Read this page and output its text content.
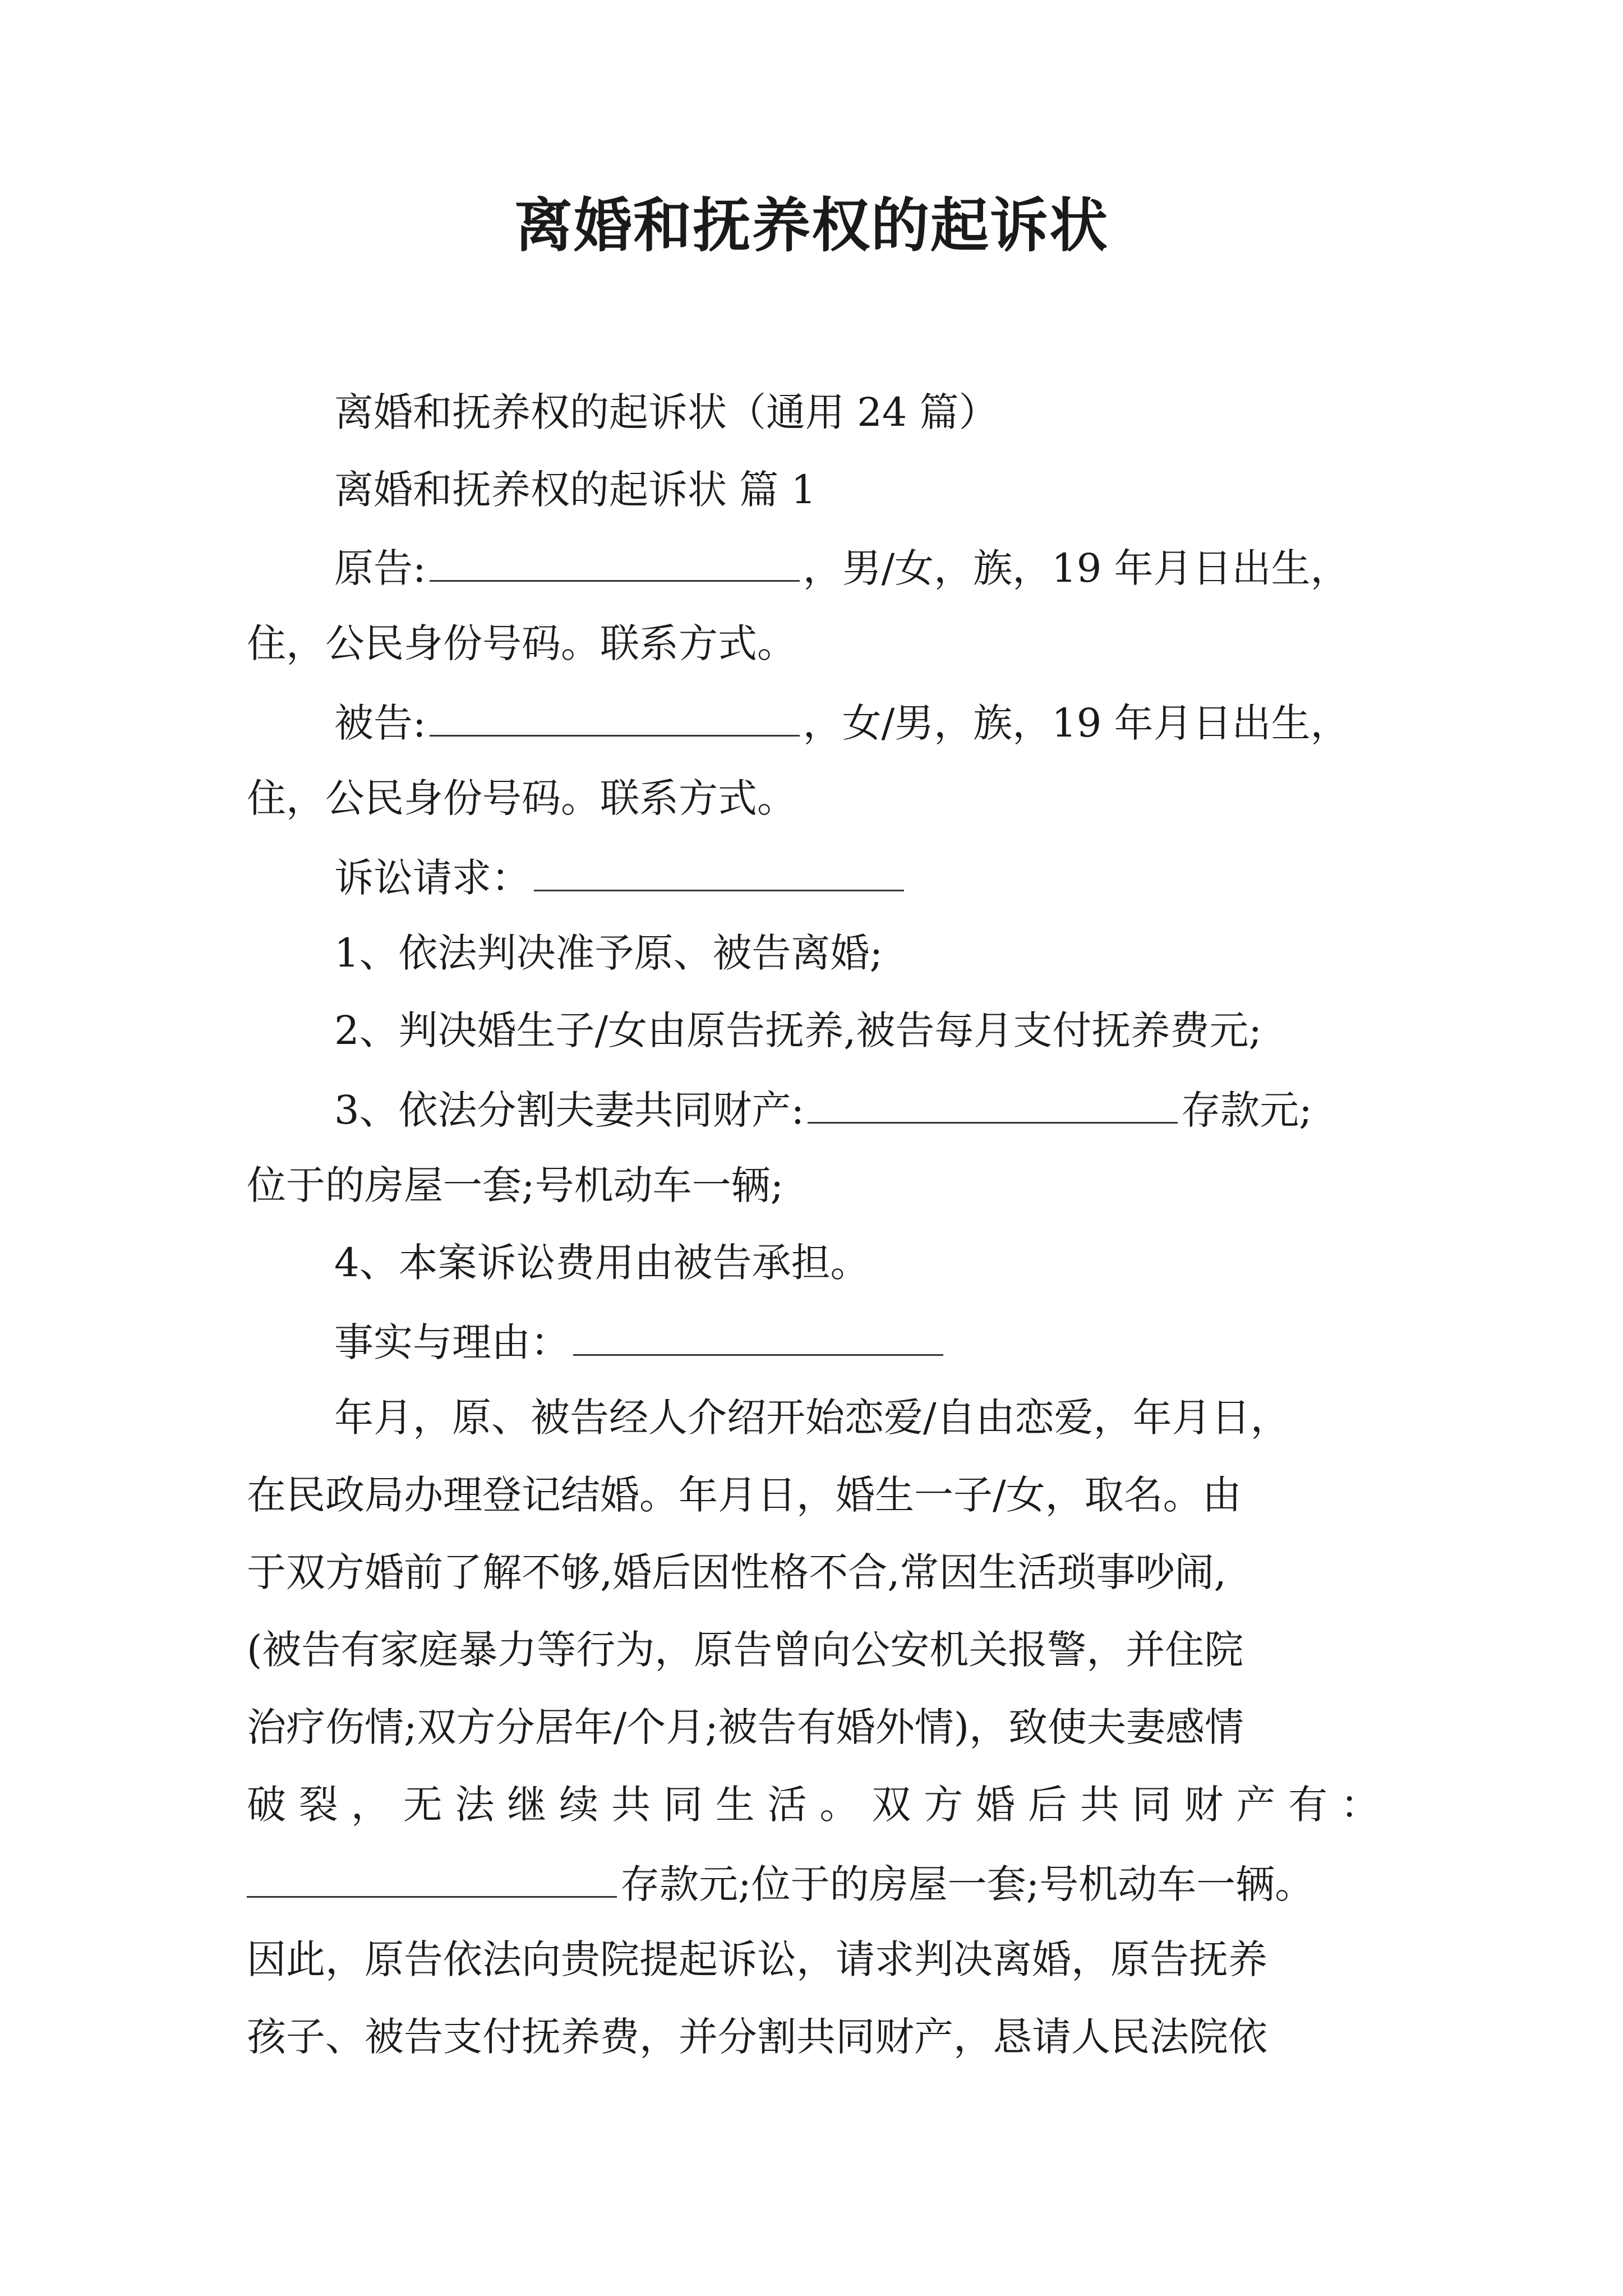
离婚和抚养权的起诉状
离婚和抚养权的起诉状（通用 24 篇）
离婚和抚养权的起诉状 篇 1
原告:	，男/女，族，19 年月日出生，
住，公民身份号码。联系方式。
被告:	，女/男，族，19 年月日出生，
住，公民身份号码。联系方式。
诉讼请求：
1、依法判决准予原、被告离婚;
2、判决婚生子/女由原告抚养,被告每月支付抚养费元;
3、依法分割夫妻共同财产:	存款元;
位于的房屋一套;号机动车一辆;
4、本案诉讼费用由被告承担。
事实与理由：
年月，原、被告经人介绍开始恋爱/自由恋爱，年月日，
在民政局办理登记结婚。年月日，婚生一子/女，取名。由
于双方婚前了解不够,婚后因性格不合,常因生活琐事吵闹,
(被告有家庭暴力等行为，原告曾向公安机关报警，并住院
治疗伤情;双方分居年/个月;被告有婚外情)，致使夫妻感情
破裂，无法继续共同生活。双方婚后共同财产有：
存款元;位于的房屋一套;号机动车一辆。
因此，原告依法向贵院提起诉讼，请求判决离婚，原告抚养
孩子、被告支付抚养费，并分割共同财产，恳请人民法院依
